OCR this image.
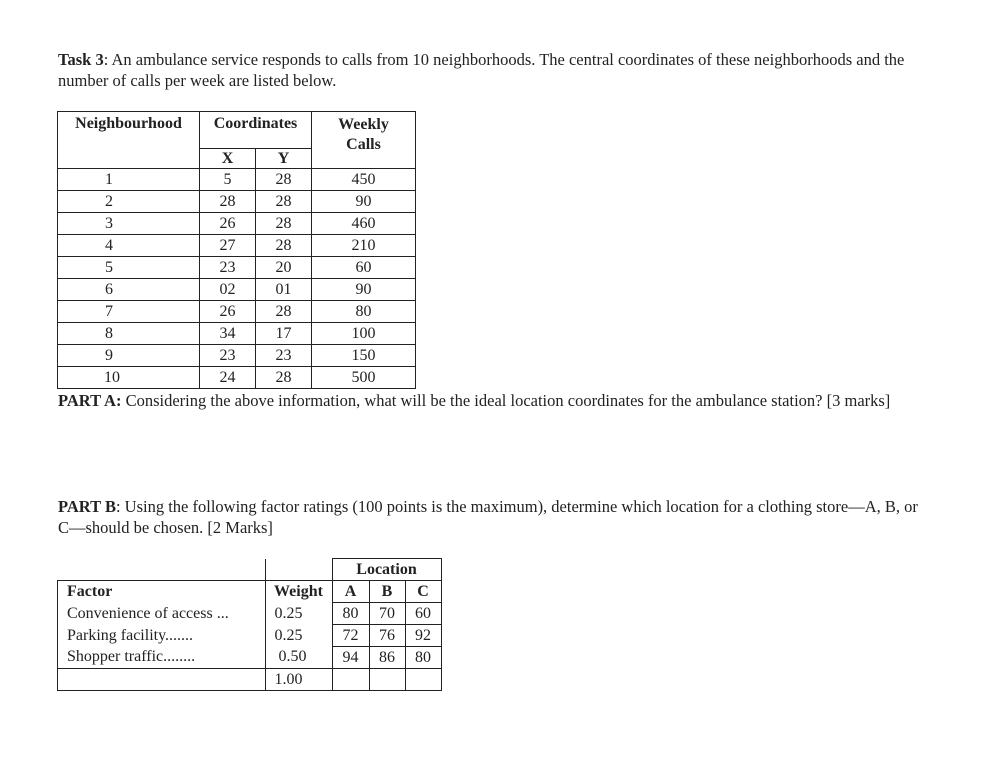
Task 3: An ambulance service responds to calls from 10 neighborhoods. The central coordinates of these neighborhoods and the number of calls per week are listed below.

Neighbourhood	Coordinates		Weekly
Calls
	X	Y	
1	5	28	450
2	28	28	90
3	26	28	460
4	27	28	210
5	23	20	60
6	02	01	90
7	26	28	80
8	34	17	100
9	23	23	150
10	24	28	500

PART A: Considering the above information, what will be the ideal location coordinates for the ambulance station? [3 marks]

PART B: Using the following factor ratings (100 points is the maximum), determine which location for a clothing store—A, B, or C—should be chosen. [2 Marks]

		Location		
Factor	Weight	A	B	C
Convenience of access ...	0.25	80	70	60
Parking facility.......	0.25	72	76	92
Shopper traffic........	0.50	94	86	80
	1.00			
